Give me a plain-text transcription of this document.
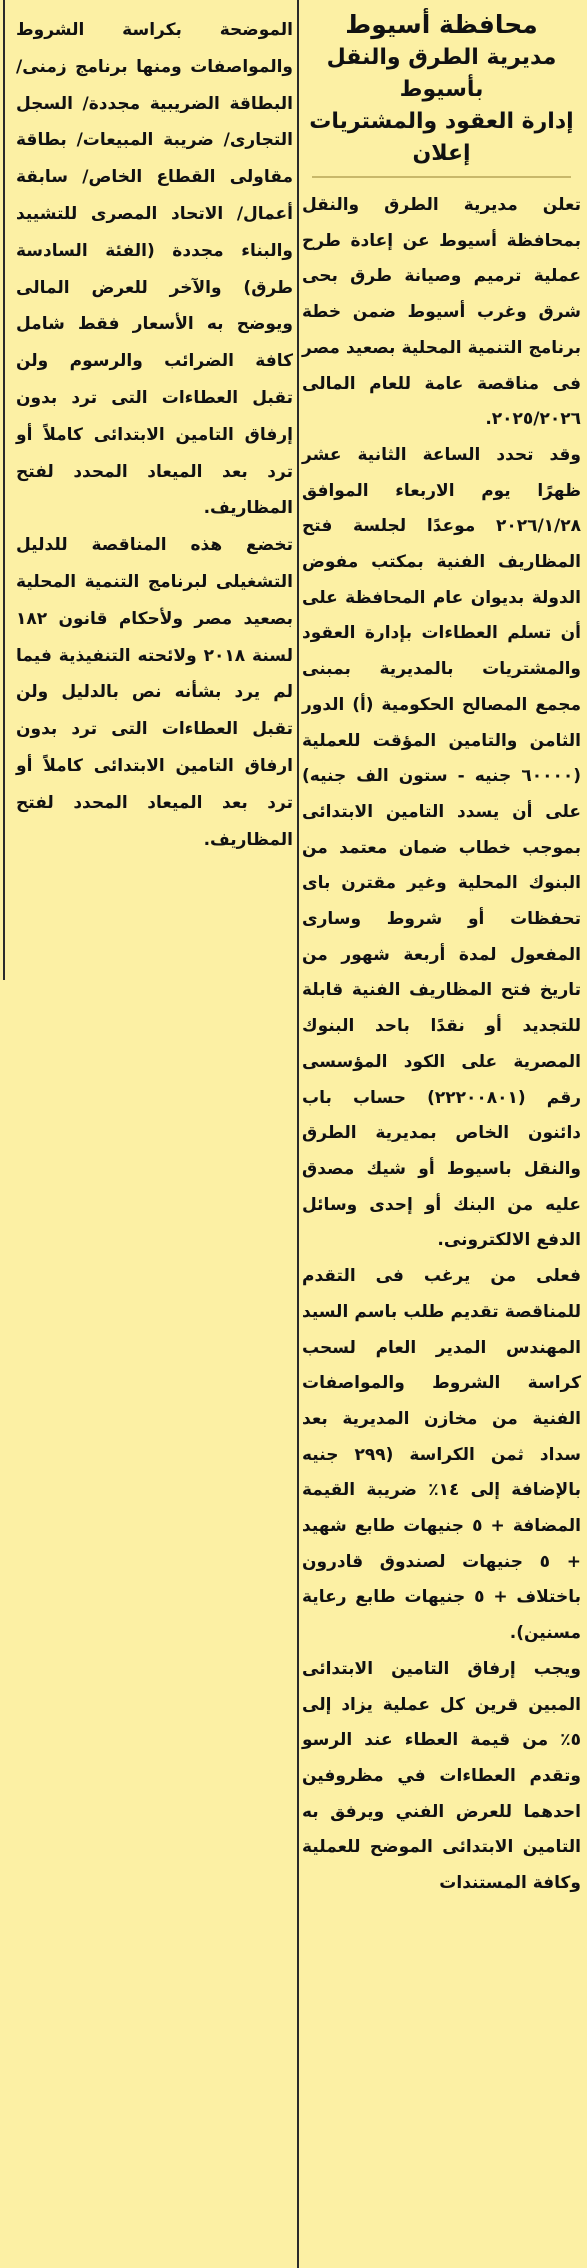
محافظة أسيوط

مديرية الطرق والنقل بأسيوط

إدارة العقود والمشتريات

إعلان

تعلن مديرية الطرق والنقل بمحافظة أسيوط عن إعادة طرح عملية ترميم وصيانة طرق بحى شرق وغرب أسيوط ضمن خطة برنامج التنمية المحلية بصعيد مصر فى مناقصة عامة للعام المالى ٢٠٢٥/٢٠٢٦.

وقد تحدد الساعة الثانية عشر ظهرًا يوم الاربعاء الموافق ٢٠٢٦/١/٢٨ موعدًا لجلسة فتح المظاريف الفنية بمكتب مفوض الدولة بديوان عام المحافظة على أن تسلم العطاءات بإدارة العقود والمشتريات بالمديرية بمبنى مجمع المصالح الحكومية (أ) الدور الثامن والتامين المؤقت للعملية (٦٠٠٠٠ جنيه - ستون الف جنيه) على أن يسدد التامين الابتدائى بموجب خطاب ضمان معتمد من البنوك المحلية وغير مقترن باى تحفظات أو شروط وسارى المفعول لمدة أربعة شهور من تاريخ فتح المظاريف الفنية قابلة للتجديد أو نقدًا باحد البنوك المصرية على الكود المؤسسى رقم (٢٢٢٠٠٨٠١) حساب باب دائنون الخاص بمديرية الطرق والنقل باسيوط أو شيك مصدق عليه من البنك أو إحدى وسائل الدفع الالكترونى.

فعلى من يرغب فى التقدم للمناقصة تقديم طلب باسم السيد المهندس المدير العام لسحب كراسة الشروط والمواصفات الفنية من مخازن المديرية بعد سداد ثمن الكراسة (٢٩٩ جنيه بالإضافة إلى ١٤٪ ضريبة القيمة المضافة + ٥ جنيهات طابع شهيد + ٥ جنيهات لصندوق قادرون باختلاف + ٥ جنيهات طابع رعاية مسنين).

ويجب إرفاق التامين الابتدائى المبين قرين كل عملية يزاد إلى ٥٪ من قيمة العطاء عند الرسو وتقدم العطاءات في مظروفين احدهما للعرض الفني ويرفق به التامين الابتدائى الموضح للعملية وكافة المستندات

الموضحة بكراسة الشروط والمواصفات ومنها برنامج زمنى/ البطاقة الضريبية مجددة/ السجل التجارى/ ضريبة المبيعات/ بطاقة مقاولى القطاع الخاص/ سابقة أعمال/ الاتحاد المصرى للتشييد والبناء مجددة (الفئة السادسة طرق) والآخر للعرض المالى ويوضح به الأسعار فقط شامل كافة الضرائب والرسوم ولن تقبل العطاءات التى ترد بدون إرفاق التامين الابتدائى كاملاً أو ترد بعد الميعاد المحدد لفتح المظاريف.

تخضع هذه المناقصة للدليل التشغيلى لبرنامج التنمية المحلية بصعيد مصر ولأحكام قانون ١٨٢ لسنة ٢٠١٨ ولائحته التنفيذية فيما لم يرد بشأنه نص بالدليل ولن تقبل العطاءات التى ترد بدون ارفاق التامين الابتدائى كاملاً أو ترد بعد الميعاد المحدد لفتح المظاريف.
